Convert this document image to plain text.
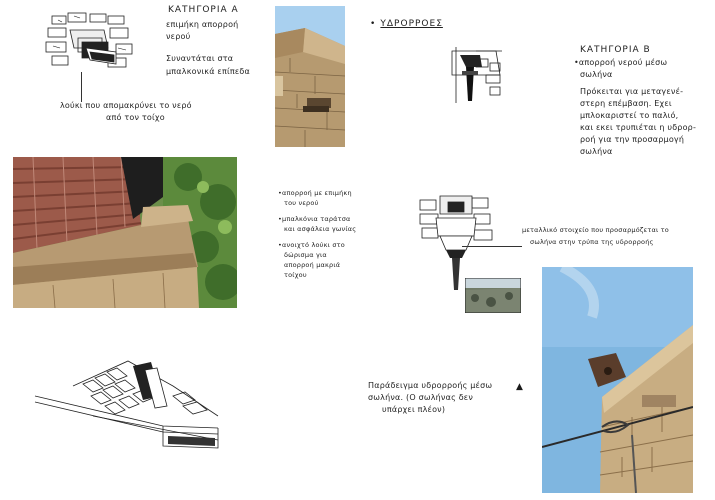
ΚΑΤΗΓΟΡΙΑ Α
επιμήκη απορροή
νερού
Συναντάται στα
μπαλκονικά επίπεδα
λούκι που απομακρύνει το νερό
από τον τοίχο
•απορροή με επιμήκη
του νερού
•μπαλκόνια ταράτσα
και ασφάλεια γωνίας
•ανοιχτό λούκι στο
δώρισμα για
απορροή μακριά
τοίχου
• ΥΔΡΟΡΡΟΕΣ
ΚΑΤΗΓΟΡΙΑ Β
•απορροή νερού μέσω
σωλήνα
Πρόκειται για μεταγενέ-
στερη επέμβαση. Εχει
μπλοκαριστεί το παλιό,
και εκει τρυπιέται η υδρορ-
ροή για την προσαρμογή
σωλήνα
μεταλλικό στοιχείο που προσαρμόζεται το
σωλήνα στην τρύπα της υδρορροής
Παράδειγμα υδρορροής μέσω
σωλήνα. (Ο σωλήνας δεν
υπάρχει πλέον)
▲
